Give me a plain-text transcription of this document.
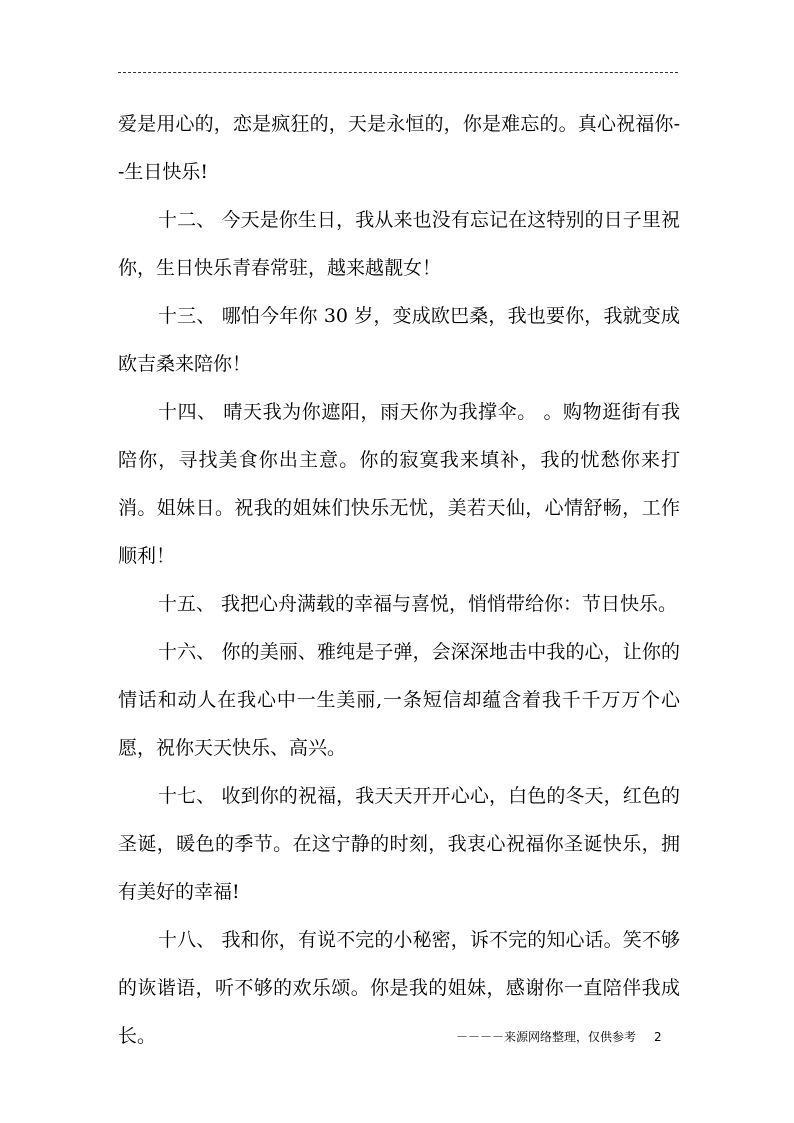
爱是用心的，恋是疯狂的，天是永恒的，你是难忘的。真心祝福你--生日快乐!

十二、 今天是你生日，我从来也没有忘记在这特别的日子里祝你，生日快乐青春常驻，越来越靓女！

十三、 哪怕今年你 30 岁，变成欧巴桑，我也要你，我就变成欧吉桑来陪你！

十四、 晴天我为你遮阳，雨天你为我撑伞。 。购物逛街有我陪你，寻找美食你出主意。你的寂寞我来填补，我的忧愁你来打消。姐妹日。祝我的姐妹们快乐无忧，美若天仙，心情舒畅，工作顺利！

十五、 我把心舟满载的幸福与喜悦，悄悄带给你：节日快乐。

十六、 你的美丽、雅纯是子弹，会深深地击中我的心，让你的情话和动人在我心中一生美丽,一条短信却蕴含着我千千万万个心愿，祝你天天快乐、高兴。

十七、 收到你的祝福，我天天开开心心，白色的冬天，红色的圣诞，暖色的季节。在这宁静的时刻，我衷心祝福你圣诞快乐，拥有美好的幸福!

十八、 我和你，有说不完的小秘密，诉不完的知心话。笑不够的诙谐语，听不够的欢乐颂。你是我的姐妹，感谢你一直陪伴我成长。	－－－－来源网络整理，仅供参考 2
